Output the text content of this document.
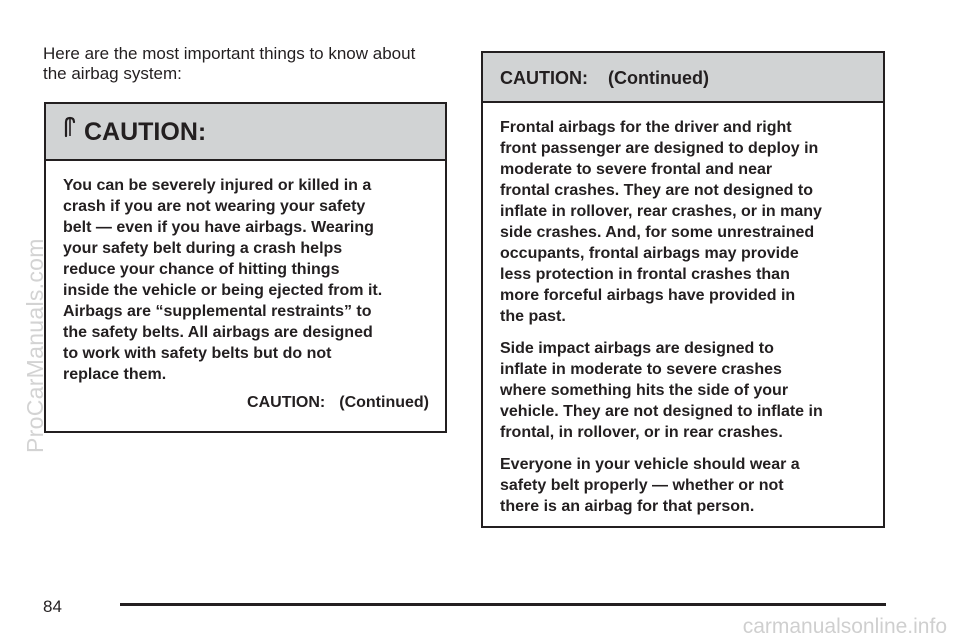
Here are the most important things to know about
the airbag system:
CAUTION:
You can be severely injured or killed in a
crash if you are not wearing your safety
belt — even if you have airbags. Wearing
your safety belt during a crash helps
reduce your chance of hitting things
inside the vehicle or being ejected from it.
Airbags are “supplemental restraints” to
the safety belts. All airbags are designed
to work with safety belts but do not
replace them.
CAUTION: (Continued)
CAUTION:    (Continued)
Frontal airbags for the driver and right
front passenger are designed to deploy in
moderate to severe frontal and near
frontal crashes. They are not designed to
inflate in rollover, rear crashes, or in many
side crashes. And, for some unrestrained
occupants, frontal airbags may provide
less protection in frontal crashes than
more forceful airbags have provided in
the past.
Side impact airbags are designed to
inflate in moderate to severe crashes
where something hits the side of your
vehicle. They are not designed to inflate in
frontal, in rollover, or in rear crashes.
Everyone in your vehicle should wear a
safety belt properly — whether or not
there is an airbag for that person.
84
ProCarManuals.com
carmanualsonline.info
